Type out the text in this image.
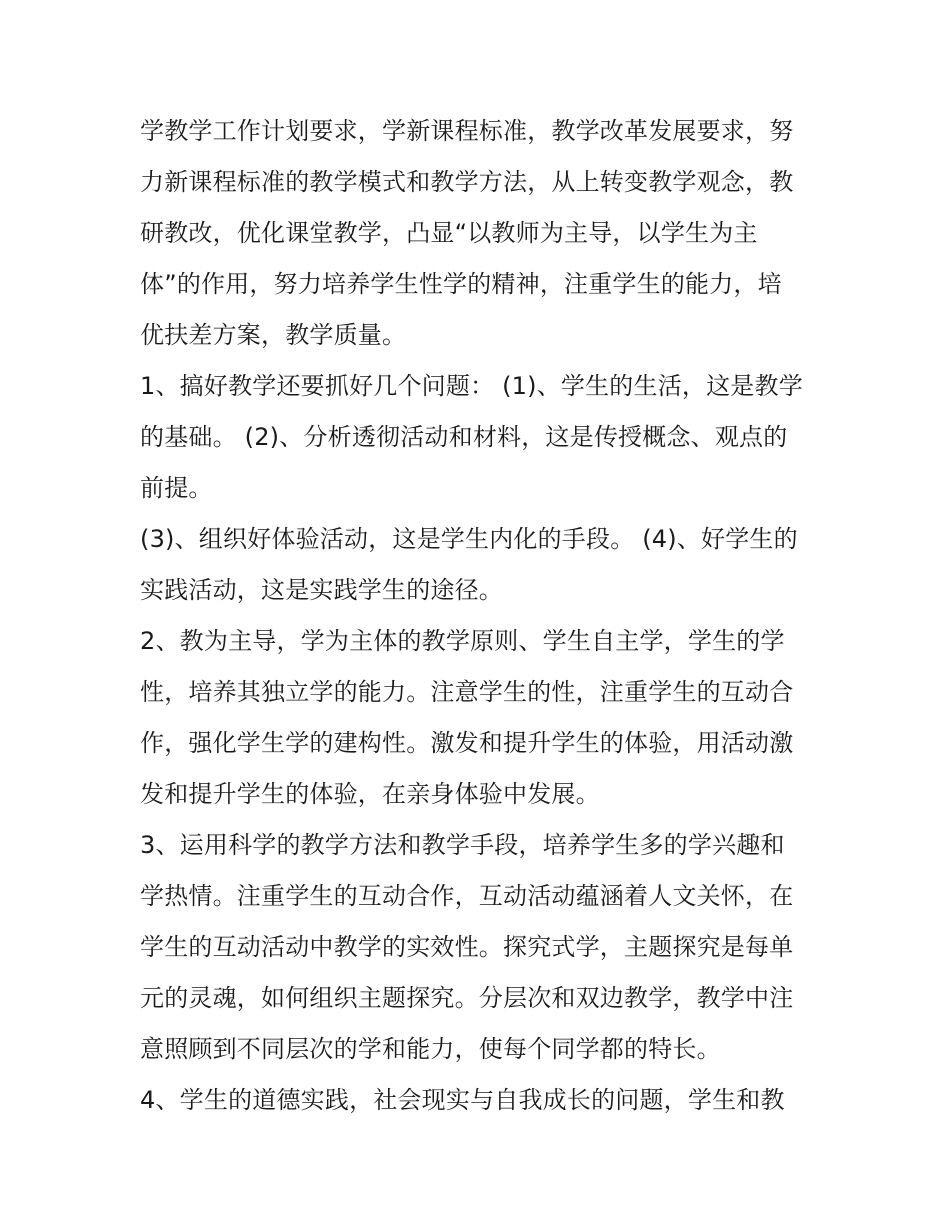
学教学工作计划要求，学新课程标准，教学改革发展要求，努
力新课程标准的教学模式和教学方法，从上转变教学观念，教
研教改，优化课堂教学，凸显“以教师为主导，以学生为主
体”的作用，努力培养学生性学的精神，注重学生的能力，培
优扶差方案，教学质量。

1、搞好教学还要抓好几个问题： (1)、学生的生活，这是教学
的基础。 (2)、分析透彻活动和材料，这是传授概念、观点的
前提。

(3)、组织好体验活动，这是学生内化的手段。 (4)、好学生的
实践活动，这是实践学生的途径。

2、教为主导，学为主体的教学原则、学生自主学，学生的学
性，培养其独立学的能力。注意学生的性，注重学生的互动合
作，强化学生学的建构性。激发和提升学生的体验，用活动激
发和提升学生的体验，在亲身体验中发展。

3、运用科学的教学方法和教学手段，培养学生多的学兴趣和
学热情。注重学生的互动合作，互动活动蕴涵着人文关怀，在
学生的互动活动中教学的实效性。探究式学，主题探究是每单
元的灵魂，如何组织主题探究。分层次和双边教学，教学中注
意照顾到不同层次的学和能力，使每个同学都的特长。

4、学生的道德实践，社会现实与自我成长的问题，学生和教
